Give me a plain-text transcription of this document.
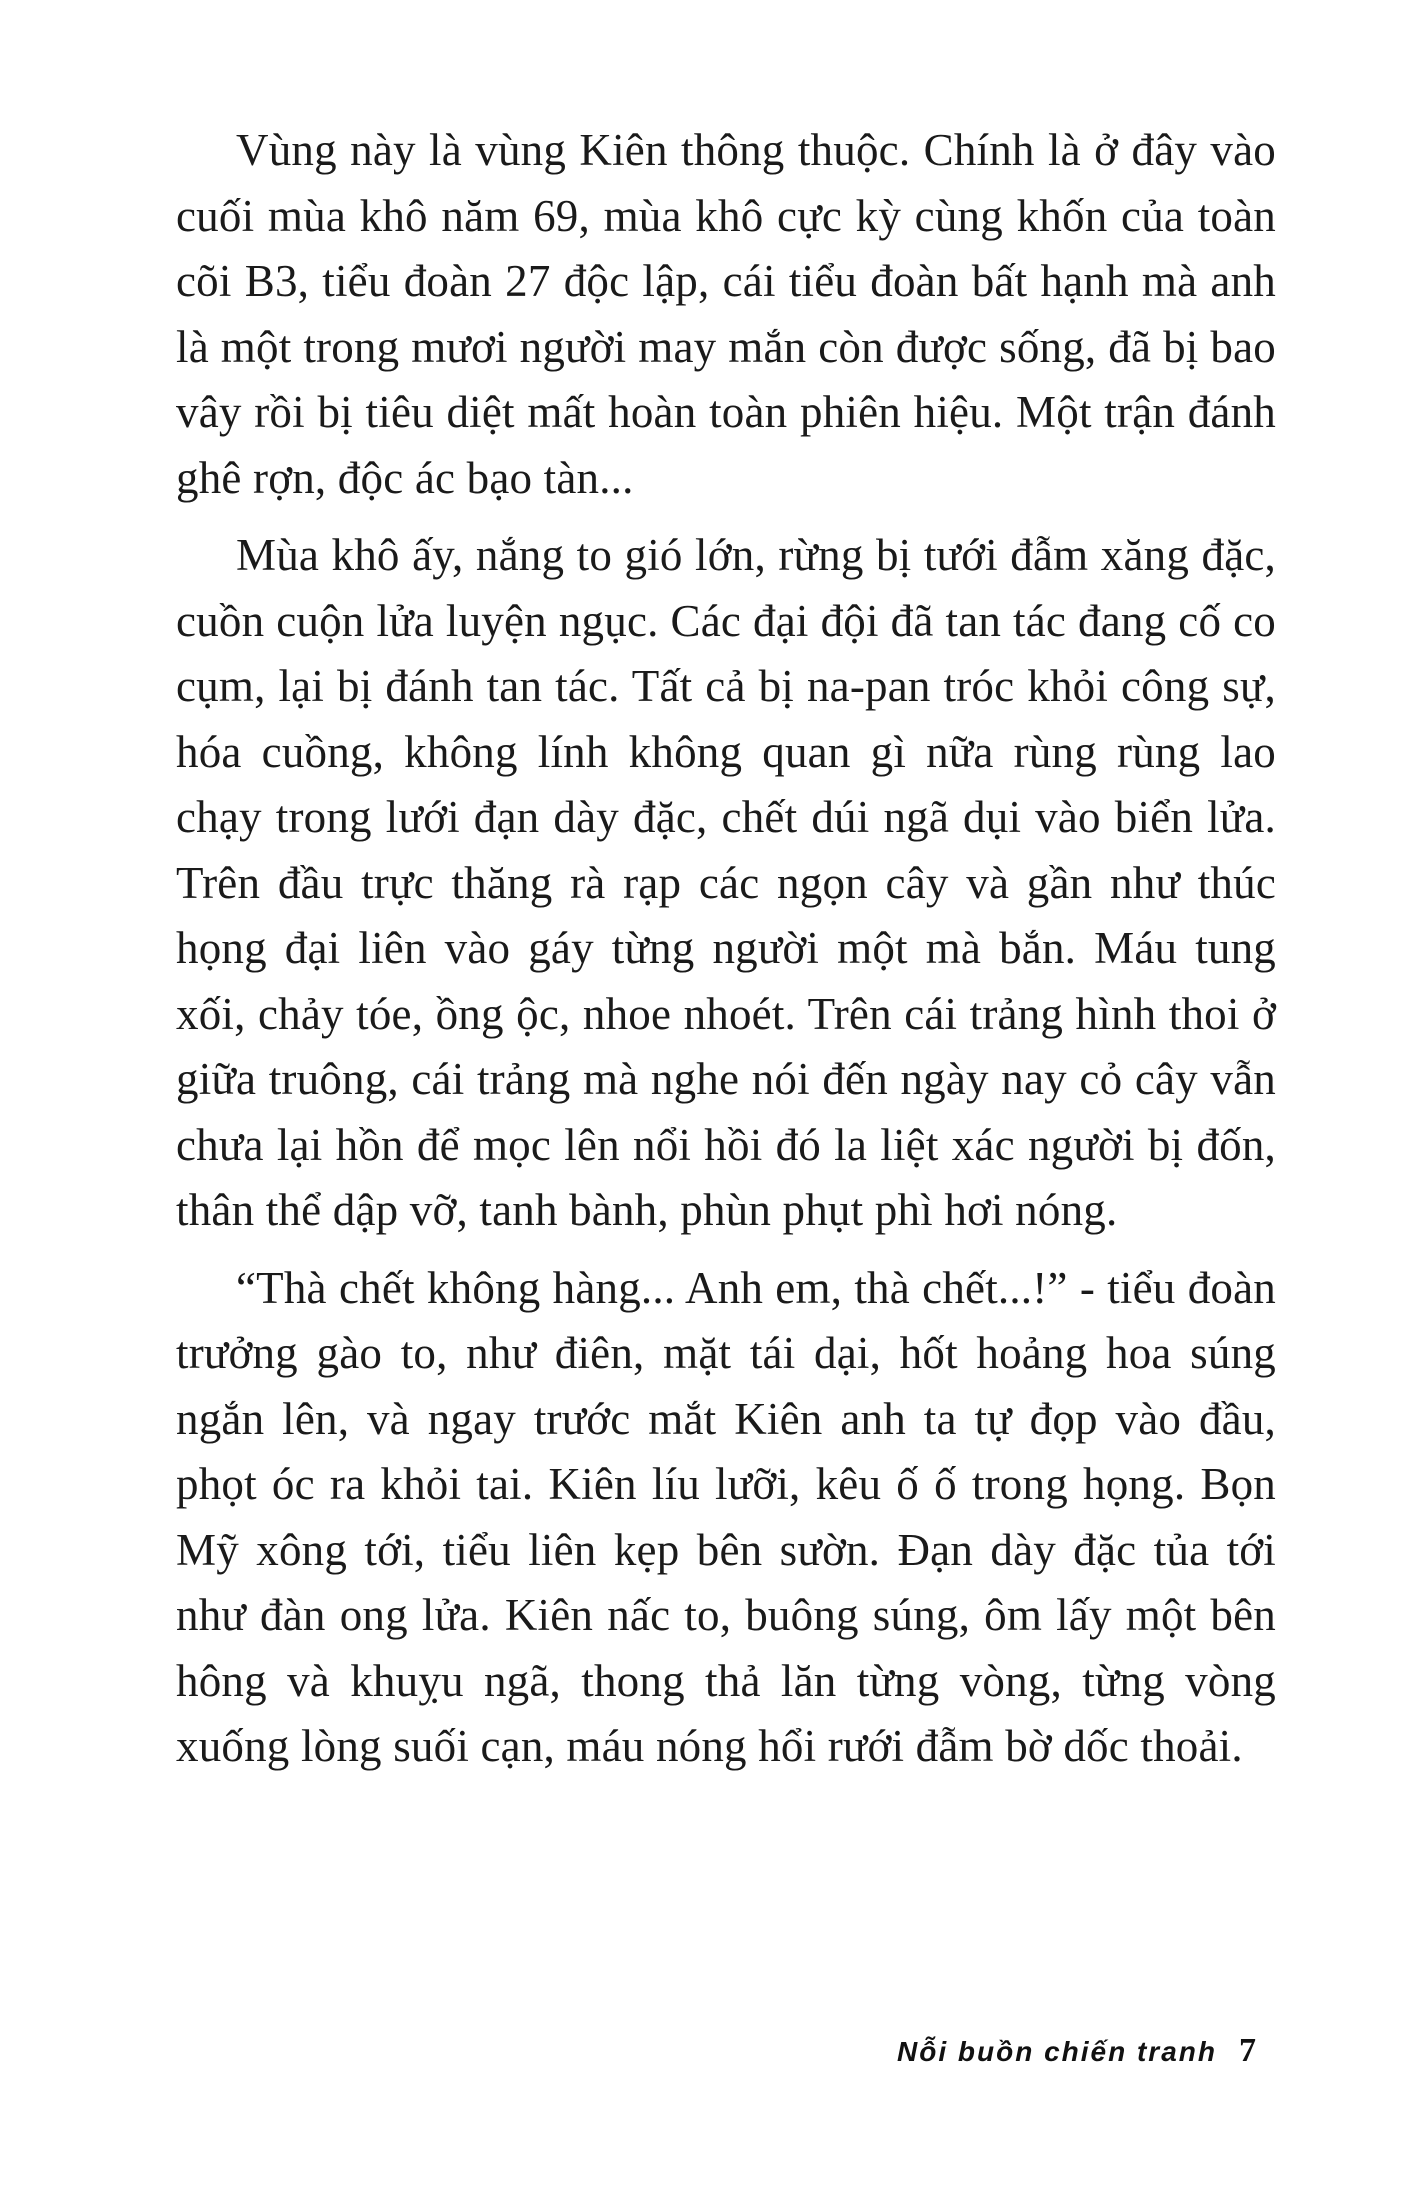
Vùng này là vùng Kiên thông thuộc. Chính là ở đây vào cuối mùa khô năm 69, mùa khô cực kỳ cùng khốn của toàn cõi B3, tiểu đoàn 27 độc lập, cái tiểu đoàn bất hạnh mà anh là một trong mươi người may mắn còn được sống, đã bị bao vây rồi bị tiêu diệt mất hoàn toàn phiên hiệu. Một trận đánh ghê rợn, độc ác bạo tàn...

Mùa khô ấy, nắng to gió lớn, rừng bị tưới đẫm xăng đặc, cuồn cuộn lửa luyện ngục. Các đại đội đã tan tác đang cố co cụm, lại bị đánh tan tác. Tất cả bị na-pan tróc khỏi công sự, hóa cuồng, không lính không quan gì nữa rùng rùng lao chạy trong lưới đạn dày đặc, chết dúi ngã dụi vào biển lửa. Trên đầu trực thăng rà rạp các ngọn cây và gần như thúc họng đại liên vào gáy từng người một mà bắn. Máu tung xối, chảy tóe, ồng ộc, nhoe nhoét. Trên cái trảng hình thoi ở giữa truông, cái trảng mà nghe nói đến ngày nay cỏ cây vẫn chưa lại hồn để mọc lên nổi hồi đó la liệt xác người bị đốn, thân thể dập vỡ, tanh bành, phùn phụt phì hơi nóng.

“Thà chết không hàng... Anh em, thà chết...!” - tiểu đoàn trưởng gào to, như điên, mặt tái dại, hốt hoảng hoa súng ngắn lên, và ngay trước mắt Kiên anh ta tự đọp vào đầu, phọt óc ra khỏi tai. Kiên líu lưỡi, kêu ố ố trong họng. Bọn Mỹ xông tới, tiểu liên kẹp bên sườn. Đạn dày đặc tủa tới như đàn ong lửa. Kiên nấc to, buông súng, ôm lấy một bên hông và khuỵu ngã, thong thả lăn từng vòng, từng vòng xuống lòng suối cạn, máu nóng hổi rưới đẫm bờ dốc thoải.

Nỗi buồn chiến tranh 7
